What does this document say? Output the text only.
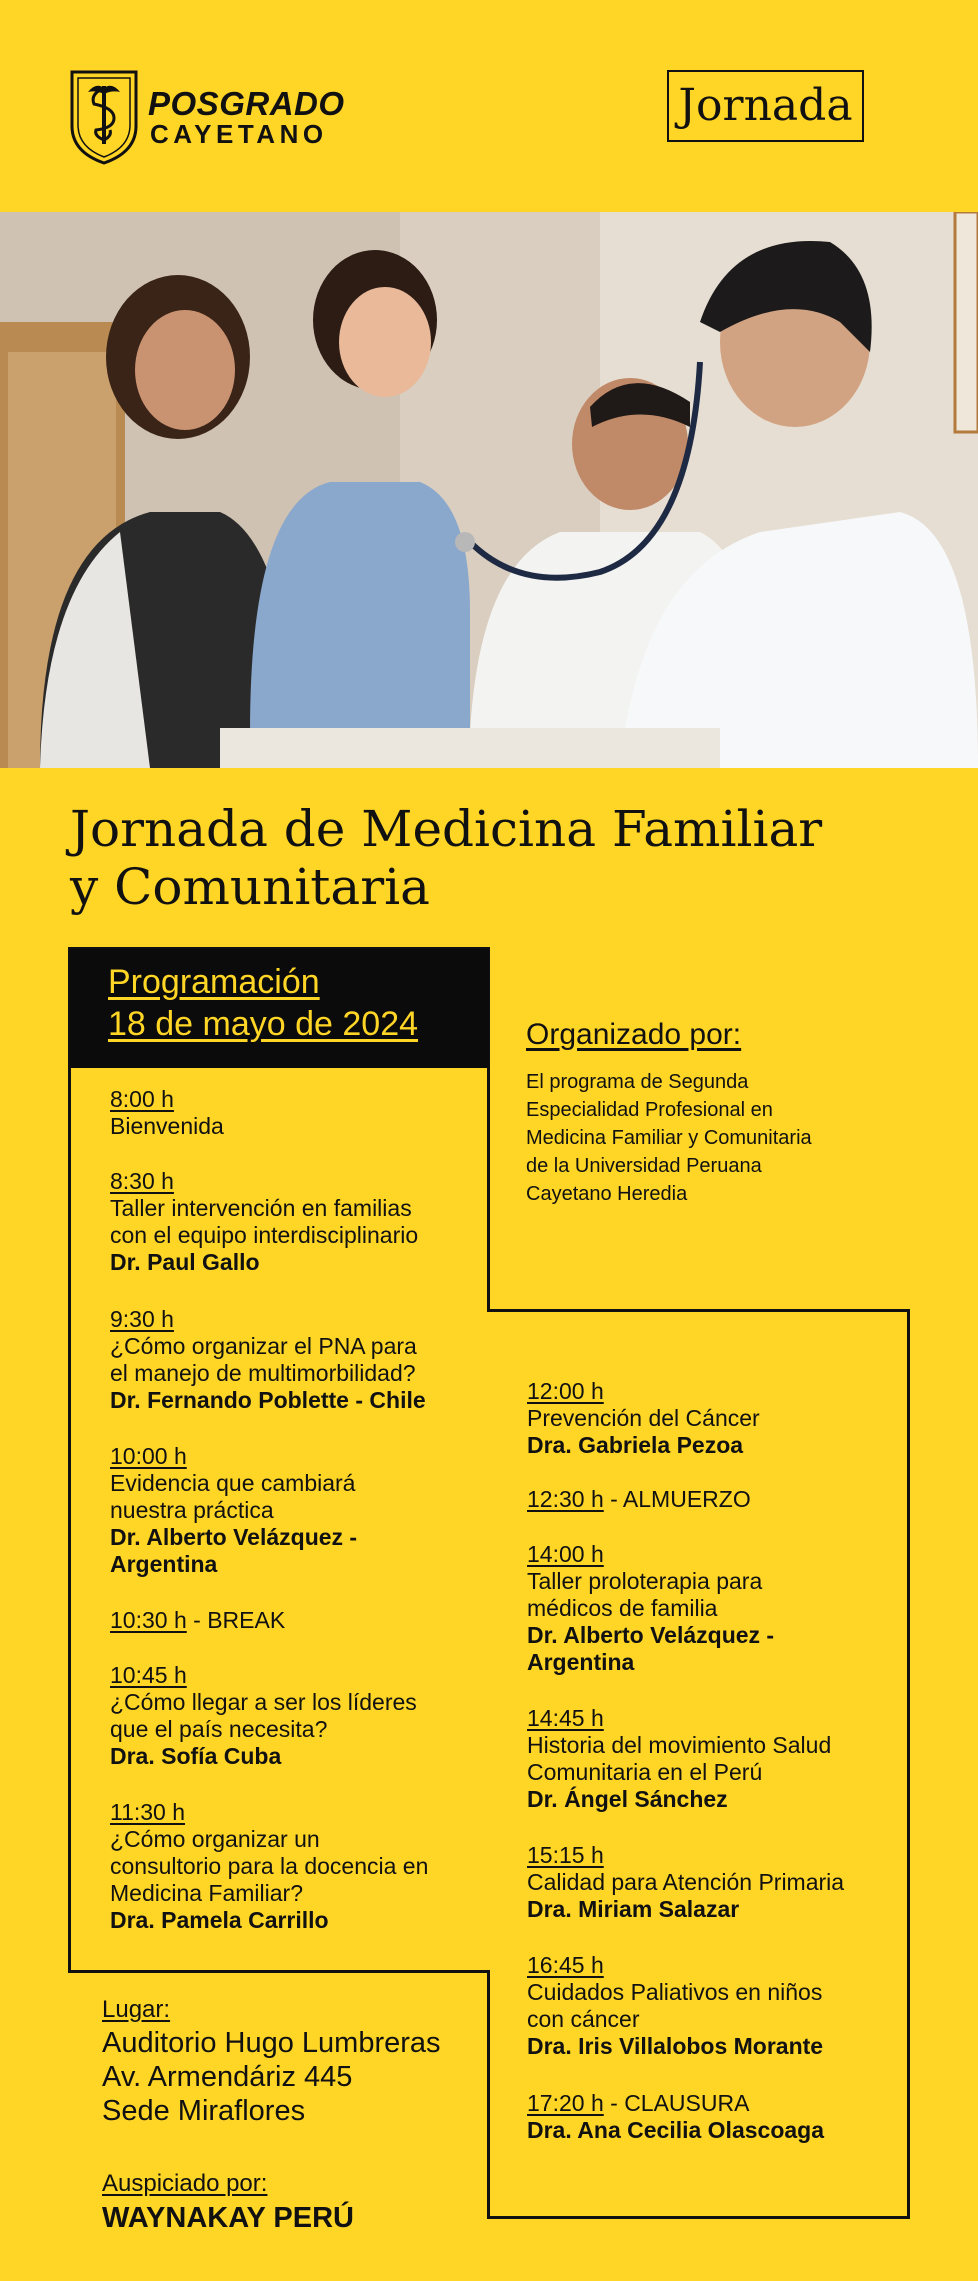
POSGRADO
CAYETANO
Jornada
Jornada de Medicina Familiar
y Comunitaria
Programación
18 de mayo de 2024
8:00 h
Bienvenida
8:30 h
Taller intervención en familias
con el equipo interdisciplinario
Dr. Paul Gallo
9:30 h
¿Cómo organizar el PNA para
el manejo de multimorbilidad?
Dr. Fernando Poblette - Chile
10:00 h
Evidencia que cambiará
nuestra práctica
Dr. Alberto Velázquez -
Argentina
10:30 h - BREAK
10:45 h
¿Cómo llegar a ser los líderes
que el país necesita?
Dra. Sofía Cuba
11:30 h
¿Cómo organizar un
consultorio para la docencia en
Medicina Familiar?
Dra. Pamela Carrillo
Organizado por:
El programa de Segunda
Especialidad Profesional en
Medicina Familiar y Comunitaria
de la Universidad Peruana
Cayetano Heredia
12:00 h
Prevención del Cáncer
Dra. Gabriela Pezoa
12:30 h - ALMUERZO
14:00 h
Taller proloterapia para
médicos de familia
Dr. Alberto Velázquez -
Argentina
14:45 h
Historia del movimiento Salud
Comunitaria en el Perú
Dr. Ángel Sánchez
15:15 h
Calidad para Atención Primaria
Dra. Miriam Salazar
16:45 h
Cuidados Paliativos en niños
con cáncer
Dra. Iris Villalobos Morante
17:20 h - CLAUSURA
Dra. Ana Cecilia Olascoaga
Lugar:
Auditorio Hugo Lumbreras
Av. Armendáriz 445
Sede Miraflores
Auspiciado por:
WAYNAKAY PERÚ
